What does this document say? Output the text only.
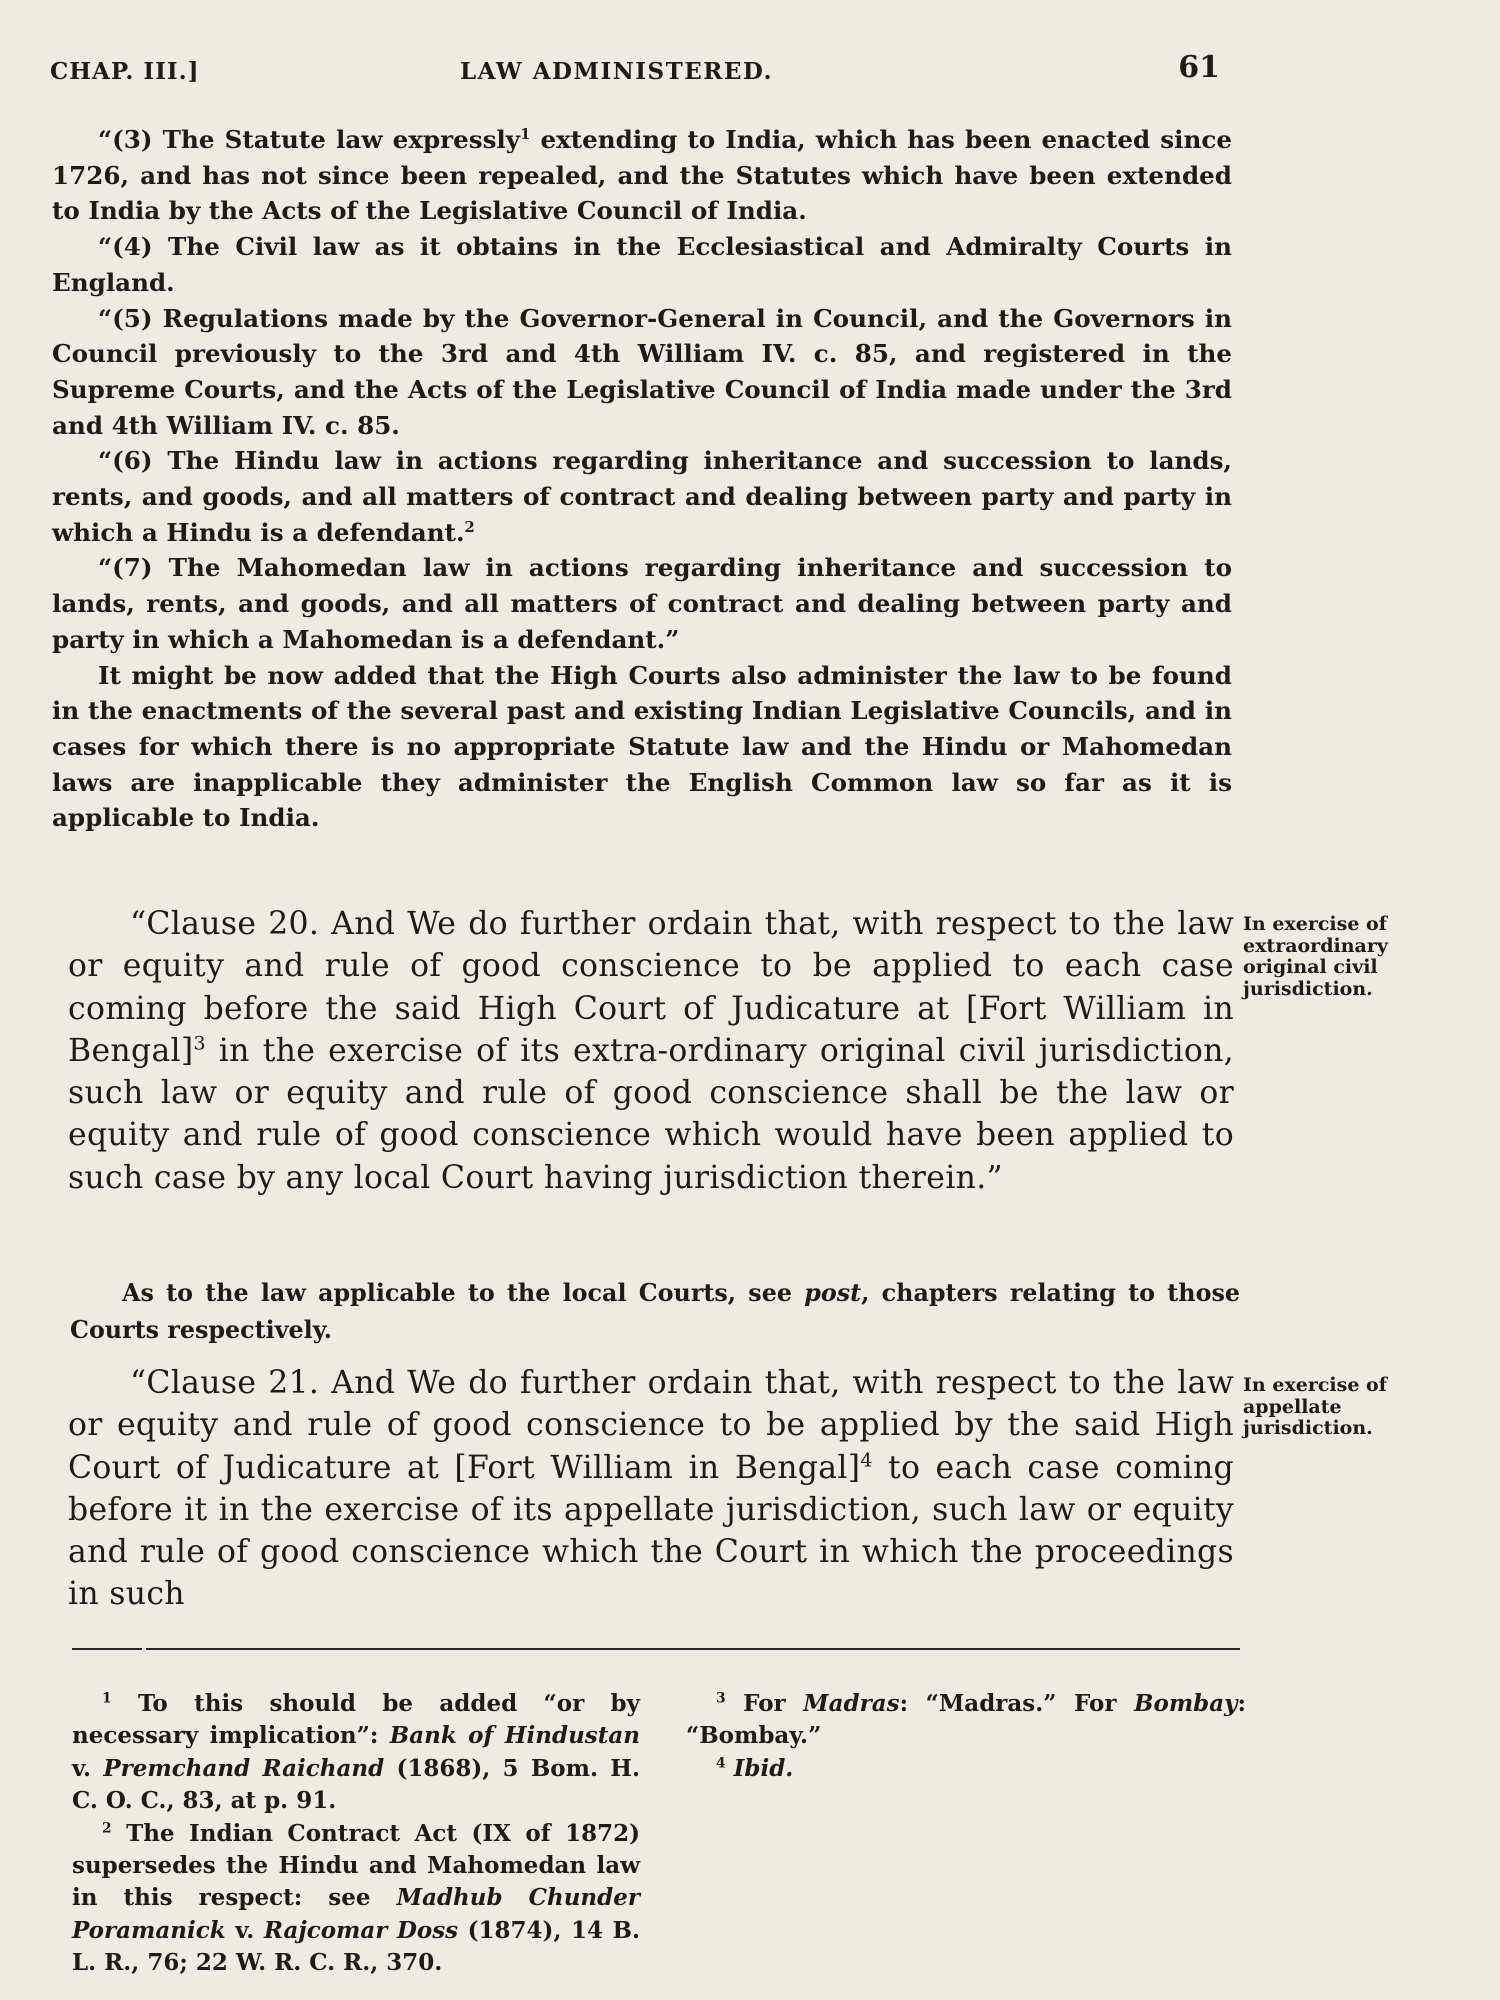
CHAP. III.]	LAW ADMINISTERED.	61

“(3) The Statute law expressly$^1$ extending to India, which has been enacted since 1726, and has not since been repealed, and the Statutes which have been extended to India by the Acts of the Legislative Council of India.

“(4) The Civil law as it obtains in the Ecclesiastical and Admiralty Courts in England.

“(5) Regulations made by the Governor-General in Council, and the Governors in Council previously to the 3rd and 4th William IV. c. 85, and registered in the Supreme Courts, and the Acts of the Legislative Council of India made under the 3rd and 4th William IV. c. 85.

“(6) The Hindu law in actions regarding inheritance and succession to lands, rents, and goods, and all matters of contract and dealing between party and party in which a Hindu is a defendant.$^2$

“(7) The Mahomedan law in actions regarding inheritance and succession to lands, rents, and goods, and all matters of contract and dealing between party and party in which a Mahomedan is a defendant.”

It might be now added that the High Courts also administer the law to be found in the enactments of the several past and existing Indian Legislative Councils, and in cases for which there is no appropriate Statute law and the Hindu or Mahomedan laws are inapplicable they administer the English Common law so far as it is applicable to India.

“Clause 20. And We do further ordain that, with respect to the law or equity and rule of good conscience to be applied to each case coming before the said High Court of Judicature at [Fort William in Bengal]$^3$ in the exercise of its extra-ordinary original civil jurisdiction, such law or equity and rule of good conscience shall be the law or equity and rule of good conscience which would have been applied to such case by any local Court having jurisdiction therein.”

In exercise of extraordinary original civil jurisdiction.

As to the law applicable to the local Courts, see post, chapters relating to those Courts respectively.

“Clause 21. And We do further ordain that, with respect to the law or equity and rule of good conscience to be applied by the said High Court of Judicature at [Fort William in Bengal]$^4$ to each case coming before it in the exercise of its appellate jurisdiction, such law or equity and rule of good conscience which the Court in which the proceedings in such

In exercise of appellate jurisdiction.

$^1$ To this should be added “or by necessary implication”: Bank of Hindustan v. Premchand Raichand (1868), 5 Bom. H. C. O. C., 83, at p. 91.

$^2$ The Indian Contract Act (IX of 1872) supersedes the Hindu and Mahomedan law in this respect: see Madhub Chunder Poramanick v. Rajcomar Doss (1874), 14 B. L. R., 76; 22 W. R. C. R., 370.

$^3$ For Madras: “Madras.” For Bombay: “Bombay.”

$^4$ Ibid.
